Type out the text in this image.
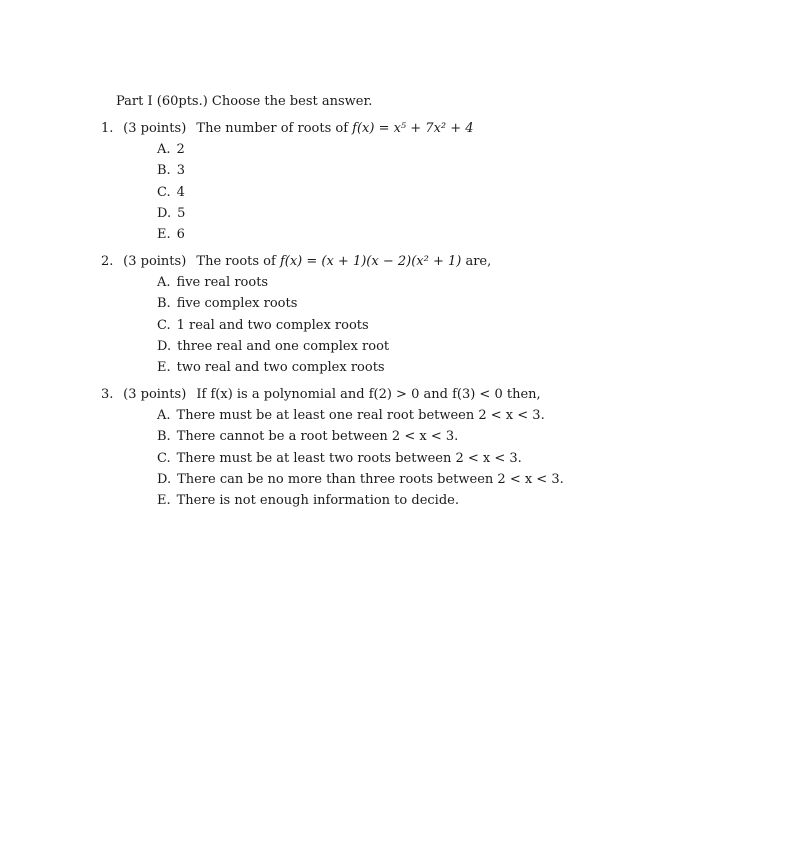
Part I (60pts.) Choose the best answer.
1. (3 points) The number of roots of f(x) = x⁵ + 7x² + 4
A. 2
B. 3
C. 4
D. 5
E. 6
2. (3 points) The roots of f(x) = (x + 1)(x − 2)(x² + 1) are,
A. five real roots
B. five complex roots
C. 1 real and two complex roots
D. three real and one complex root
E. two real and two complex roots
3. (3 points) If f(x) is a polynomial and f(2) > 0 and f(3) < 0 then,
A. There must be at least one real root between 2 < x < 3.
B. There cannot be a root between 2 < x < 3.
C. There must be at least two roots between 2 < x < 3.
D. There can be no more than three roots between 2 < x < 3.
E. There is not enough information to decide.
